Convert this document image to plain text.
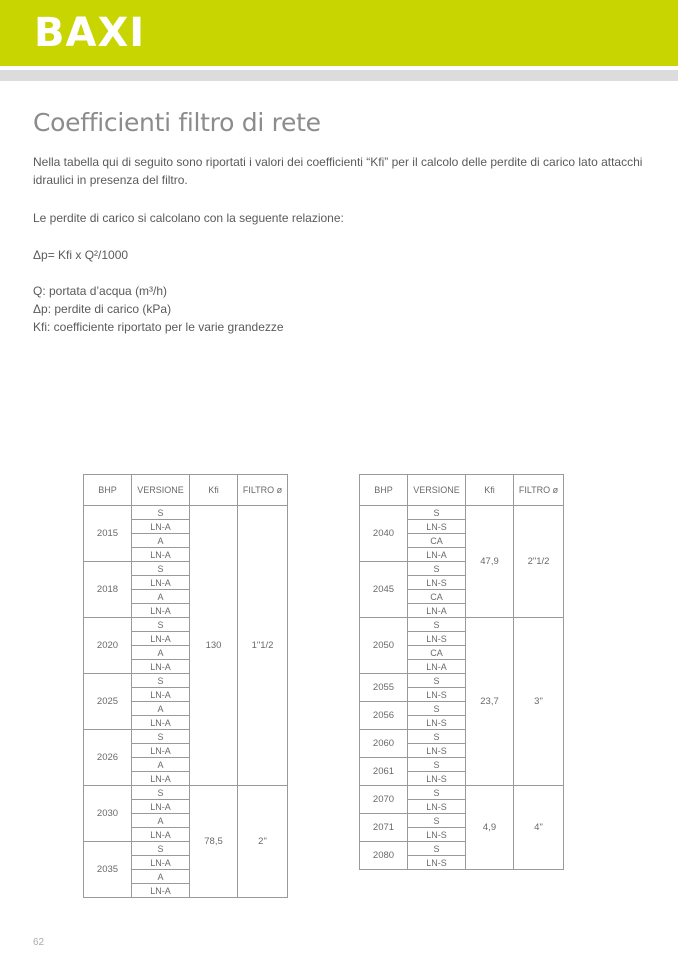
BAXI
Coefficienti filtro di rete
Nella tabella qui di seguito sono riportati i valori dei coefficienti “Kfi” per il calcolo delle perdite di carico lato attacchi idraulici in presenza del filtro.
Le perdite di carico si calcolano con la seguente relazione:
Δp= Kfi x Q²/1000
Q: portata d’acqua (m³/h)
Δp: perdite di carico (kPa)
Kfi: coefficiente riportato per le varie grandezze
BHP	VERSIONE	Kfi	FILTRO ø
2015	S	130	1"1/2
	LN-A		
	A		
	LN-A		
2018	S		
	LN-A		
	A		
	LN-A		
2020	S		
	LN-A		
	A		
	LN-A		
2025	S		
	LN-A		
	A		
	LN-A		
2026	S		
	LN-A		
	A		
	LN-A		
2030	S	78,5	2"
	LN-A		
	A		
	LN-A		
2035	S		
	LN-A		
	A		
	LN-A		
BHP	VERSIONE	Kfi	FILTRO ø
2040	S	47,9	2"1/2
	LN-S		
	CA		
	LN-A		
2045	S		
	LN-S		
	CA		
	LN-A		
2050	S	23,7	3"
	LN-S		
	CA		
	LN-A		
2055	S		
	LN-S		
2056	S		
	LN-S		
2060	S		
	LN-S		
2061	S		
	LN-S		
2070	S	4,9	4"
	LN-S		
2071	S		
	LN-S		
2080	S		
	LN-S		
62
